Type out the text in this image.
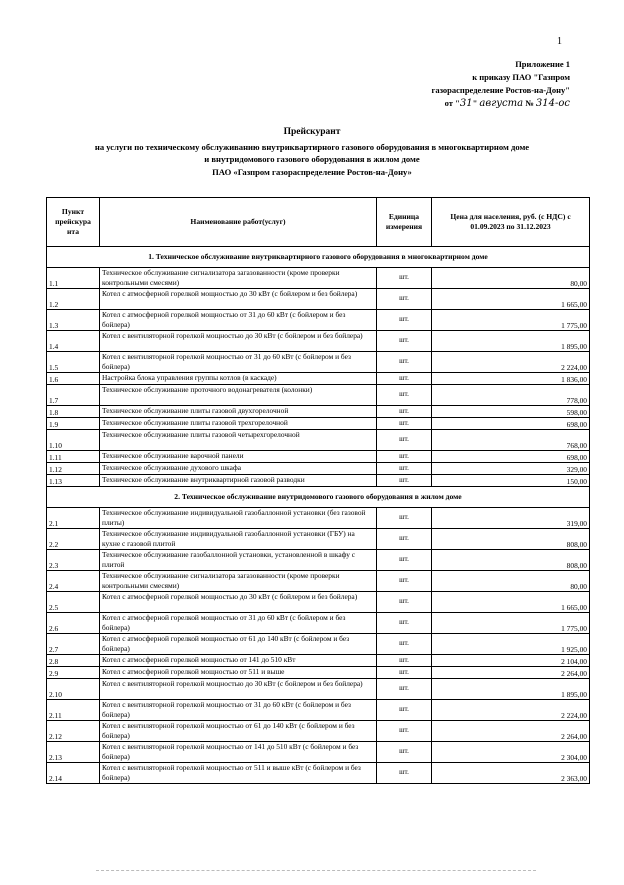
1
Приложение 1
к приказу ПАО "Газпром
газораспределение Ростов-на-Дону"
от "31" августа № 314-ос
Прейскурант
на услуги по техническому обслуживанию внутриквартирного газового оборудования в многоквартирном доме
и внутридомового газового оборудования в жилом доме
ПАО «Газпром газораспределение Ростов-на-Дону»
Пункт прейскура нта	Наименование работ(услуг)	Единица измерения	Цена для населения, руб. (с НДС) с 01.09.2023 по 31.12.2023
1. Техническое обслуживание внутриквартирного газового оборудования в многоквартирном доме			
1.1	Техническое обслуживание сигнализатора загазованности (кроме проверки контрольными смесями)	шт.	80,00
1.2	Котел с атмосферной горелкой мощностью до 30 кВт (с бойлером и без бойлера)	шт.	1 665,00
1.3	Котел с атмосферной горелкой мощностью от 31 до 60 кВт (с бойлером и без бойлера)	шт.	1 775,00
1.4	Котел с вентиляторной горелкой мощностью до 30 кВт (с бойлером и без бойлера)	шт.	1 895,00
1.5	Котел с вентиляторной горелкой мощностью от 31 до 60 кВт (с бойлером и без бойлера)	шт.	2 224,00
1.6	Настройка блока управления группы котлов (в каскаде)	шт.	1 836,00
1.7	Техническое обслуживание проточного водонагревателя (колонки)	шт.	778,00
1.8	Техническое обслуживание плиты газовой двухгорелочной	шт.	598,00
1.9	Техническое обслуживание плиты газовой трехгорелочной	шт.	698,00
1.10	Техническое обслуживание плиты газовой четырехгорелочной	шт.	768,00
1.11	Техническое обслуживание варочной панели	шт.	698,00
1.12	Техническое обслуживание духового шкафа	шт.	329,00
1.13	Техническое обслуживание внутриквартирной газовой разводки	шт.	150,00
2. Техническое обслуживание внутридомового газового оборудования в жилом доме			
2.1	Техническое обслуживание индивидуальной газобаллонной установки (без газовой плиты)	шт.	319,00
2.2	Техническое обслуживание индивидуальной газобаллонной установки (ГБУ) на кухне с газовой плитой	шт.	808,00
2.3	Техническое обслуживание газобаллонной установки, установленной в шкафу с плитой	шт.	808,00
2.4	Техническое обслуживание сигнализатора загазованности (кроме проверки контрольными смесями)	шт.	80,00
2.5	Котел с атмосферной горелкой мощностью до 30 кВт (с бойлером и без бойлера)	шт.	1 665,00
2.6	Котел с атмосферной горелкой мощностью от 31 до 60 кВт (с бойлером и без бойлера)	шт.	1 775,00
2.7	Котел с атмосферной горелкой мощностью от 61 до 140 кВт (с бойлером и без бойлера)	шт.	1 925,00
2.8	Котел с атмосферной горелкой мощностью от 141 до 510 кВт	шт.	2 104,00
2.9	Котел с атмосферной горелкой мощностью от 511 и выше	шт.	2 264,00
2.10	Котел с вентиляторной горелкой мощностью до 30 кВт (с бойлером и без бойлера)	шт.	1 895,00
2.11	Котел с вентиляторной горелкой мощностью от 31 до 60 кВт (с бойлером и без бойлера)	шт.	2 224,00
2.12	Котел с вентиляторной горелкой мощностью от 61 до 140 кВт (с бойлером и без бойлера)	шт.	2 264,00
2.13	Котел с вентиляторной горелкой мощностью от 141 до 510 кВт (с бойлером и без бойлера)	шт.	2 304,00
2.14	Котел с вентиляторной горелкой мощностью от 511 и выше кВт (с бойлером и без бойлера)	шт.	2 363,00
